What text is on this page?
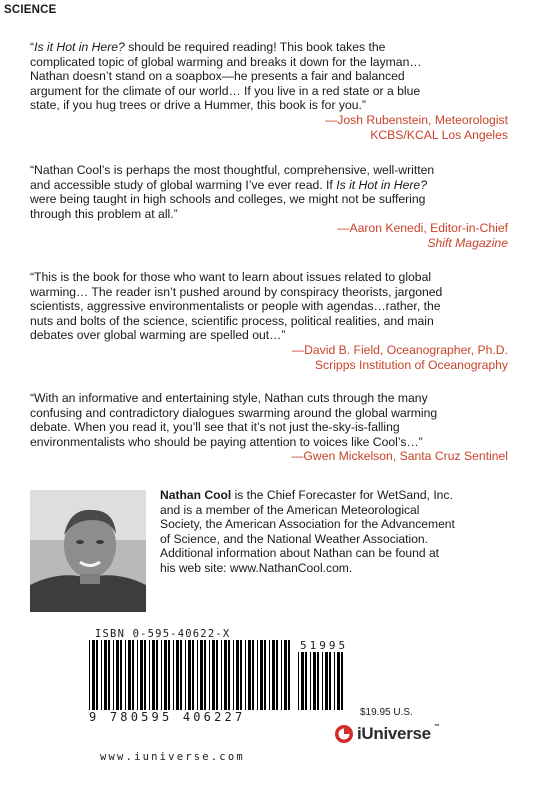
SCIENCE

“Is it Hot in Here? should be required reading! This book takes the
complicated topic of global warming and breaks it down for the layman…
Nathan doesn’t stand on a soapbox—he presents a fair and balanced
argument for the climate of our world… If you live in a red state or a blue
state, if you hug trees or drive a Hummer, this book is for you.”

—Josh Rubenstein, Meteorologist

KCBS/KCAL Los Angeles

“Nathan Cool’s is perhaps the most thoughtful, comprehensive, well-written
and accessible study of global warming I’ve ever read. If Is it Hot in Here?
were being taught in high schools and colleges, we might not be suffering
through this problem at all.”

—Aaron Kenedi, Editor-in-Chief

Shift Magazine

“This is the book for those who want to learn about issues related to global
warming… The reader isn’t pushed around by conspiracy theorists, jargoned
scientists, aggressive environmentalists or people with agendas…rather, the
nuts and bolts of the science, scientific process, political realities, and main
debates over global warming are spelled out…”

—David B. Field, Oceanographer, Ph.D.

Scripps Institution of Oceanography

“With an informative and entertaining style, Nathan cuts through the many
confusing and contradictory dialogues swarming around the global warming
debate. When you read it, you’ll see that it’s not just the-sky-is-falling
environmentalists who should be paying attention to voices like Cool’s…”

—Gwen Mickelson, Santa Cruz Sentinel

Nathan Cool is the Chief Forecaster for WetSand, Inc.
and is a member of the American Meteorological
Society, the American Association for the Advancement
of Science, and the National Weather Association.
Additional information about Nathan can be found at
his web site: www.NathanCool.com.
ISBN 0-595-40622-X
51995
9 780595 406227
www.iuniverse.com
$19.95 U.S.
iUniverse ™
